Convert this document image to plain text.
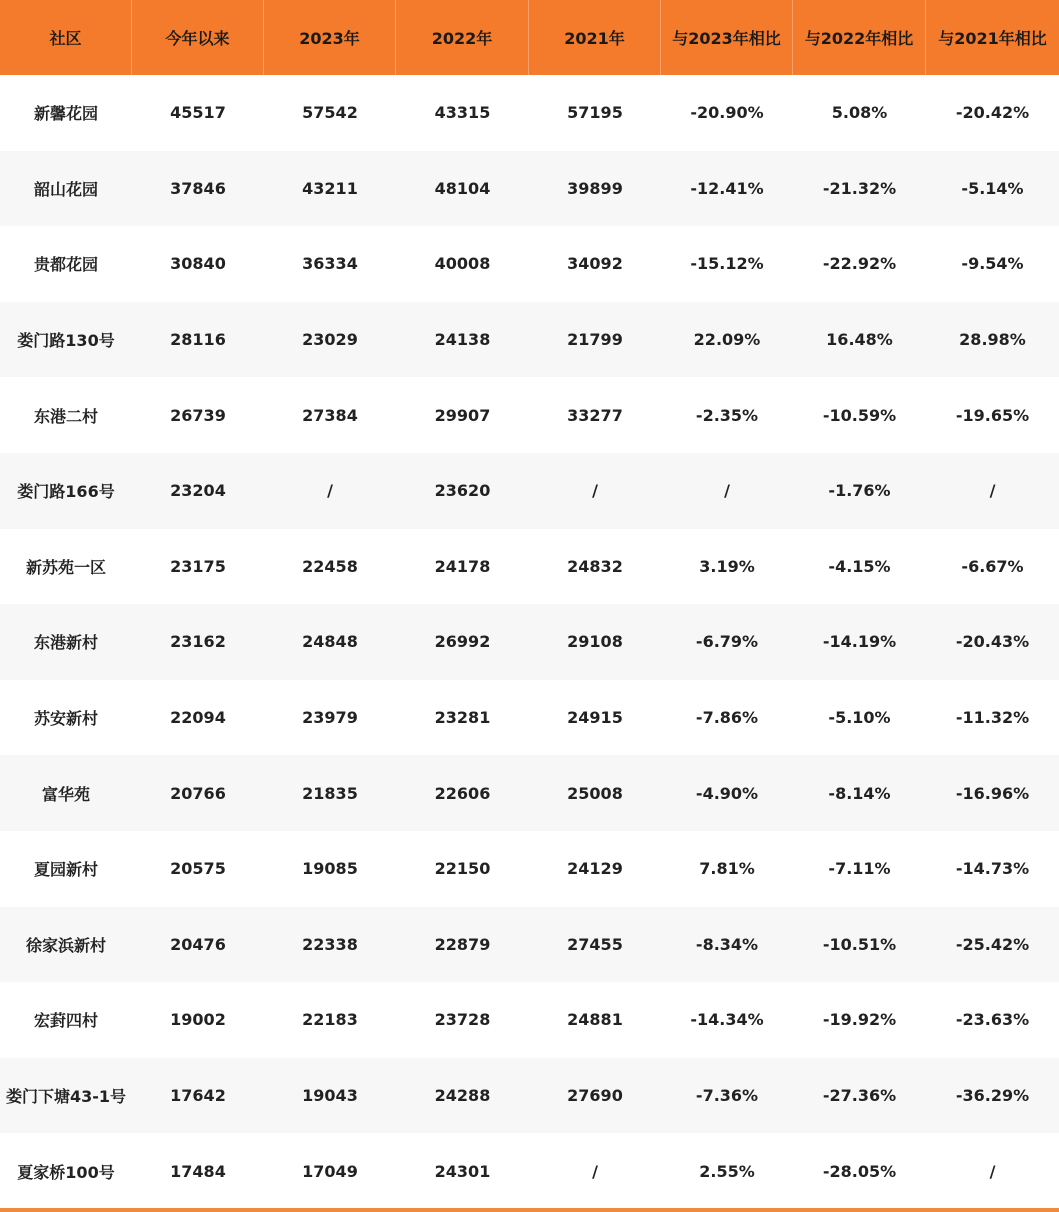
社区	今年以来	2023年	2022年	2021年	与2023年相比	与2022年相比	与2021年相比
新馨花园	45517	57542	43315	57195	-20.90%	5.08%	-20.42%
韶山花园	37846	43211	48104	39899	-12.41%	-21.32%	-5.14%
贵都花园	30840	36334	40008	34092	-15.12%	-22.92%	-9.54%
娄门路130号	28116	23029	24138	21799	22.09%	16.48%	28.98%
东港二村	26739	27384	29907	33277	-2.35%	-10.59%	-19.65%
娄门路166号	23204	/	23620	/	/	-1.76%	/
新苏苑一区	23175	22458	24178	24832	3.19%	-4.15%	-6.67%
东港新村	23162	24848	26992	29108	-6.79%	-14.19%	-20.43%
苏安新村	22094	23979	23281	24915	-7.86%	-5.10%	-11.32%
富华苑	20766	21835	22606	25008	-4.90%	-8.14%	-16.96%
夏园新村	20575	19085	22150	24129	7.81%	-7.11%	-14.73%
徐家浜新村	20476	22338	22879	27455	-8.34%	-10.51%	-25.42%
宏葑四村	19002	22183	23728	24881	-14.34%	-19.92%	-23.63%
娄门下塘43-1号	17642	19043	24288	27690	-7.36%	-27.36%	-36.29%
夏家桥100号	17484	17049	24301	/	2.55%	-28.05%	/
